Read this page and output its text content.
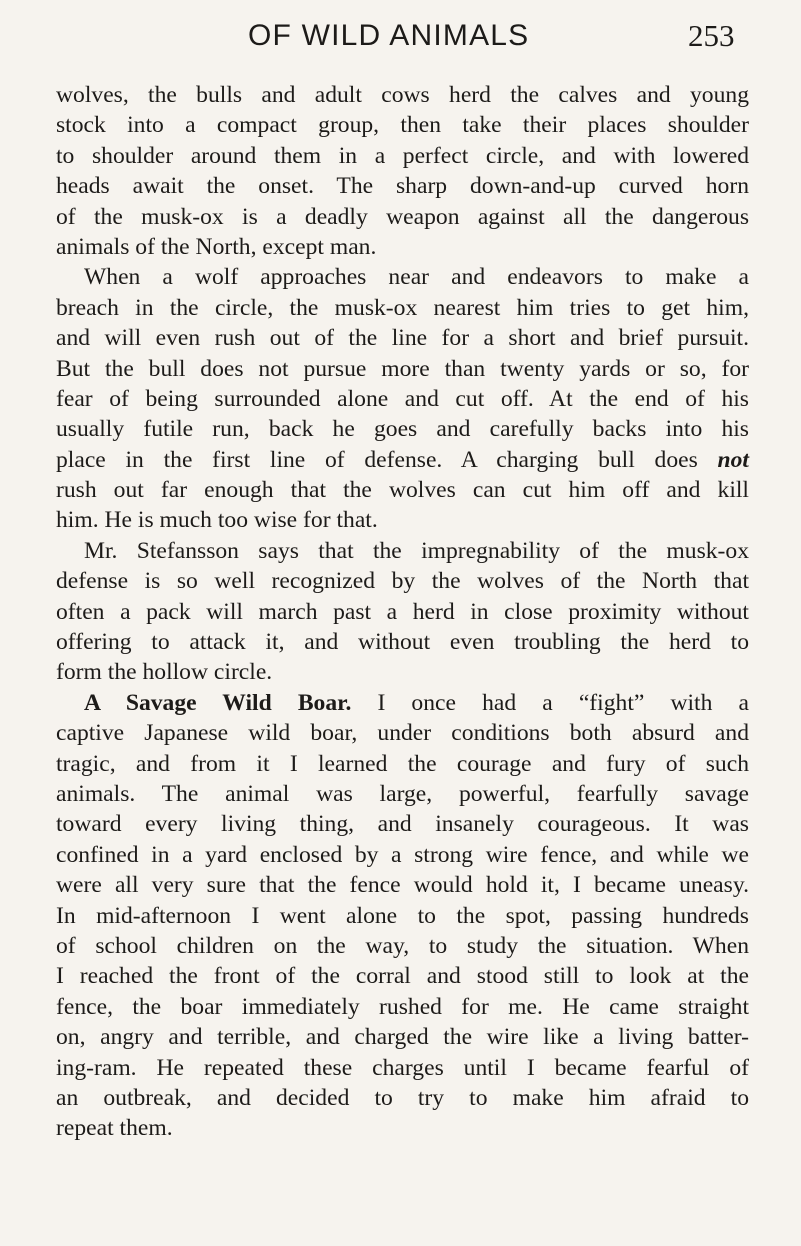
OF WILD ANIMALS	253
wolves, the bulls and adult cows herd the calves and young
stock into a compact group, then take their places shoulder
to shoulder around them in a perfect circle, and with lowered
heads await the onset. The sharp down-and-up curved horn
of the musk-ox is a deadly weapon against all the dangerous
animals of the North, except man.
When a wolf approaches near and endeavors to make a
breach in the circle, the musk-ox nearest him tries to get him,
and will even rush out of the line for a short and brief pursuit.
But the bull does not pursue more than twenty yards or so, for
fear of being surrounded alone and cut off. At the end of his
usually futile run, back he goes and carefully backs into his
place in the first line of defense. A charging bull does not
rush out far enough that the wolves can cut him off and kill
him. He is much too wise for that.
Mr. Stefansson says that the impregnability of the musk-ox
defense is so well recognized by the wolves of the North that
often a pack will march past a herd in close proximity without
offering to attack it, and without even troubling the herd to
form the hollow circle.
A Savage Wild Boar. I once had a “fight” with a
captive Japanese wild boar, under conditions both absurd and
tragic, and from it I learned the courage and fury of such
animals. The animal was large, powerful, fearfully savage
toward every living thing, and insanely courageous. It was
confined in a yard enclosed by a strong wire fence, and while we
were all very sure that the fence would hold it, I became uneasy.
In mid-afternoon I went alone to the spot, passing hundreds
of school children on the way, to study the situation. When
I reached the front of the corral and stood still to look at the
fence, the boar immediately rushed for me. He came straight
on, angry and terrible, and charged the wire like a living batter-
ing-ram. He repeated these charges until I became fearful of
an outbreak, and decided to try to make him afraid to
repeat them.
